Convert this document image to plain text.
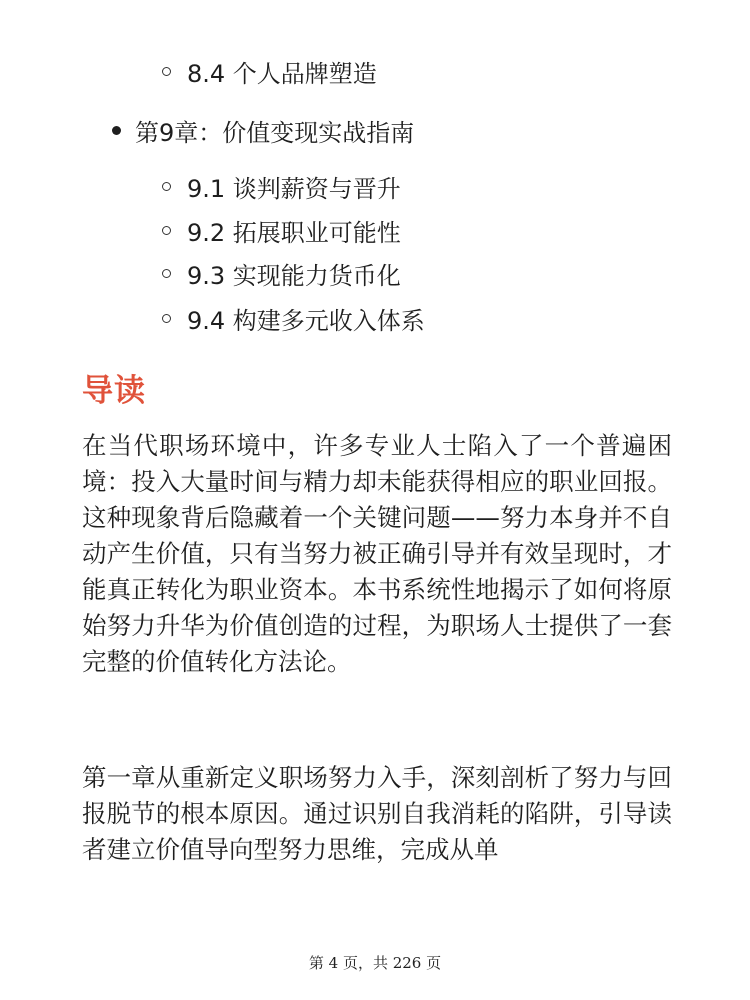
8.4 个人品牌塑造
第9章：价值变现实战指南
9.1 谈判薪资与晋升
9.2 拓展职业可能性
9.3 实现能力货币化
9.4 构建多元收入体系
导读

在当代职场环境中，许多专业人士陷入了一个普遍困境：投入大量时间与精力却未能获得相应的职业回报。这种现象背后隐藏着一个关键问题——努力本身并不自动产生价值，只有当努力被正确引导并有效呈现时，才能真正转化为职业资本。本书系统性地揭示了如何将原始努力升华为价值创造的过程，为职场人士提供了一套完整的价值转化方法论。

第一章从重新定义职场努力入手，深刻剖析了努力与回报脱节的根本原因。通过识别自我消耗的陷阱，引导读者建立价值导向型努力思维，完成从单

第 4 页，共 226 页
